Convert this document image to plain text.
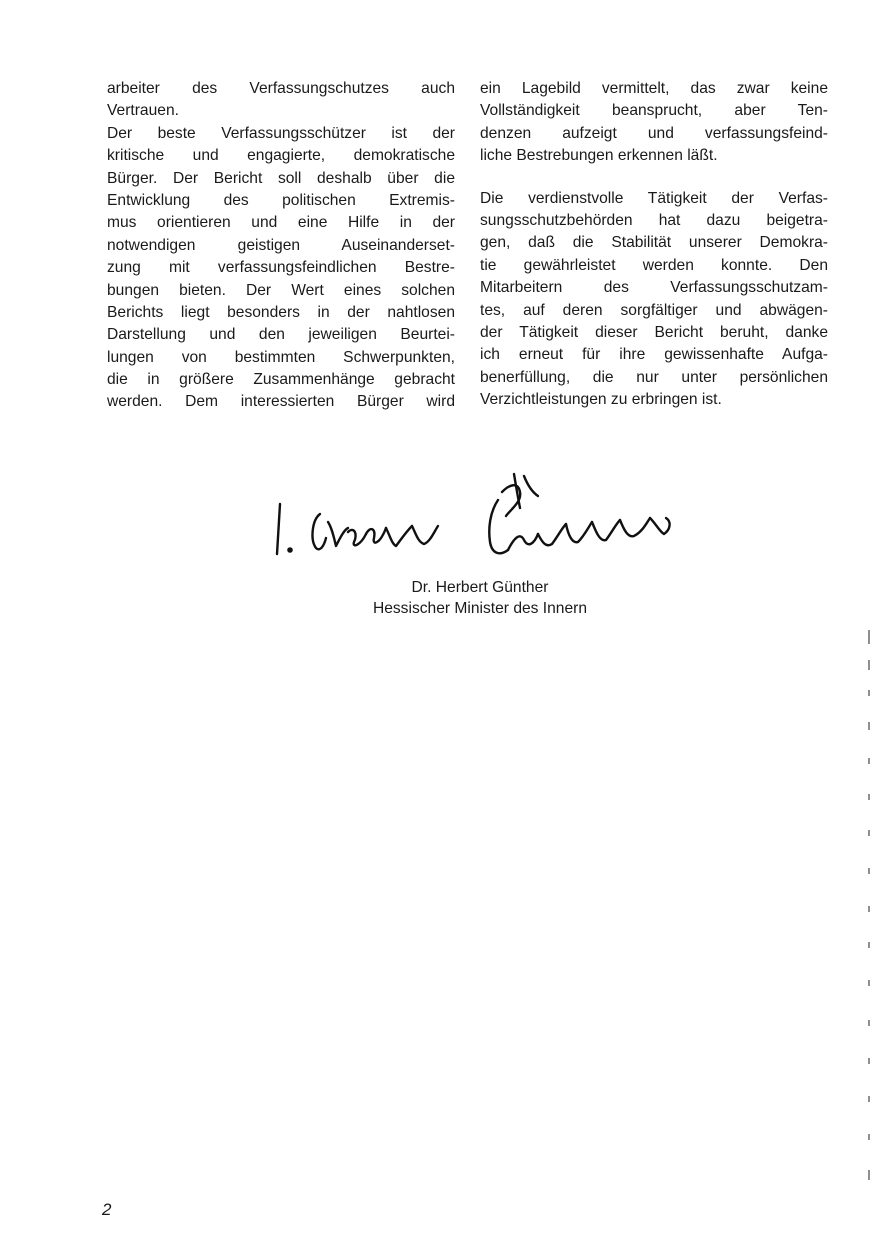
arbeiter des Verfassungschutzes auch
Vertrauen.
Der beste Verfassungsschützer ist der
kritische und engagierte, demokratische
Bürger. Der Bericht soll deshalb über die
Entwicklung des politischen Extremis-
mus orientieren und eine Hilfe in der
notwendigen geistigen Auseinanderset-
zung mit verfassungsfeindlichen Bestre-
bungen bieten. Der Wert eines solchen
Berichts liegt besonders in der nahtlosen
Darstellung und den jeweiligen Beurtei-
lungen von bestimmten Schwerpunkten,
die in größere Zusammenhänge gebracht
werden. Dem interessierten Bürger wird
ein Lagebild vermittelt, das zwar keine
Vollständigkeit beansprucht, aber Ten-
denzen aufzeigt und verfassungsfeind-
liche Bestrebungen erkennen läßt.
Die verdienstvolle Tätigkeit der Verfas-
sungsschutzbehörden hat dazu beigetra-
gen, daß die Stabilität unserer Demokra-
tie gewährleistet werden konnte. Den
Mitarbeitern des Verfassungsschutzam-
tes, auf deren sorgfältiger und abwägen-
der Tätigkeit dieser Bericht beruht, danke
ich erneut für ihre gewissenhafte Aufga-
benerfüllung, die nur unter persönlichen
Verzichtleistungen zu erbringen ist.
Dr. Herbert Günther
Hessischer Minister des Innern
2
